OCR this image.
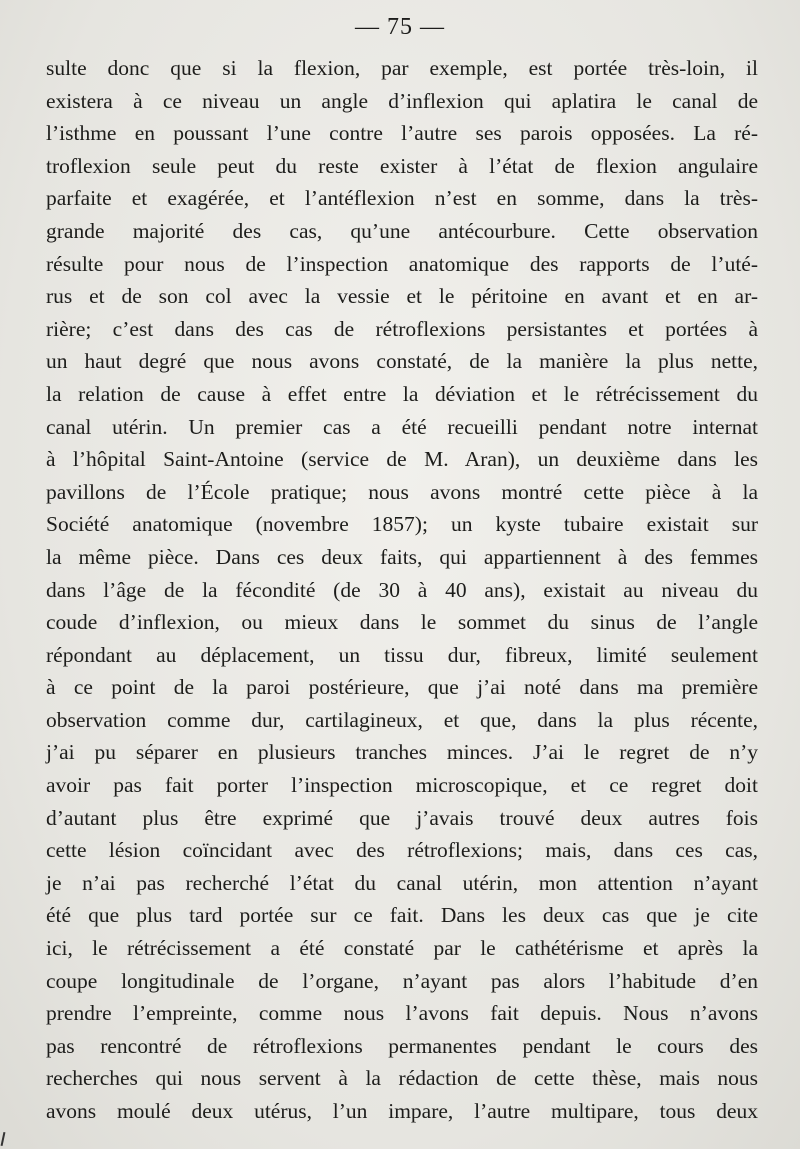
— 75 —
sulte donc que si la flexion, par exemple, est portée très-loin, il
existera à ce niveau un angle d’inflexion qui aplatira le canal de
l’isthme en poussant l’une contre l’autre ses parois opposées. La ré-
troflexion seule peut du reste exister à l’état de flexion angulaire
parfaite et exagérée, et l’antéflexion n’est en somme, dans la très-
grande majorité des cas, qu’une antécourbure. Cette observation
résulte pour nous de l’inspection anatomique des rapports de l’uté-
rus et de son col avec la vessie et le péritoine en avant et en ar-
rière; c’est dans des cas de rétroflexions persistantes et portées à
un haut degré que nous avons constaté, de la manière la plus nette,
la relation de cause à effet entre la déviation et le rétrécissement du
canal utérin. Un premier cas a été recueilli pendant notre internat
à l’hôpital Saint-Antoine (service de M. Aran), un deuxième dans les
pavillons de l’École pratique; nous avons montré cette pièce à la
Société anatomique (novembre 1857); un kyste tubaire existait sur
la même pièce. Dans ces deux faits, qui appartiennent à des femmes
dans l’âge de la fécondité (de 30 à 40 ans), existait au niveau du
coude d’inflexion, ou mieux dans le sommet du sinus de l’angle
répondant au déplacement, un tissu dur, fibreux, limité seulement
à ce point de la paroi postérieure, que j’ai noté dans ma première
observation comme dur, cartilagineux, et que, dans la plus récente,
j’ai pu séparer en plusieurs tranches minces. J’ai le regret de n’y
avoir pas fait porter l’inspection microscopique, et ce regret doit
d’autant plus être exprimé que j’avais trouvé deux autres fois
cette lésion coïncidant avec des rétroflexions; mais, dans ces cas,
je n’ai pas recherché l’état du canal utérin, mon attention n’ayant
été que plus tard portée sur ce fait. Dans les deux cas que je cite
ici, le rétrécissement a été constaté par le cathétérisme et après la
coupe longitudinale de l’organe, n’ayant pas alors l’habitude d’en
prendre l’empreinte, comme nous l’avons fait depuis. Nous n’avons
pas rencontré de rétroflexions permanentes pendant le cours des
recherches qui nous servent à la rédaction de cette thèse, mais nous
avons moulé deux utérus, l’un impare, l’autre multipare, tous deux
